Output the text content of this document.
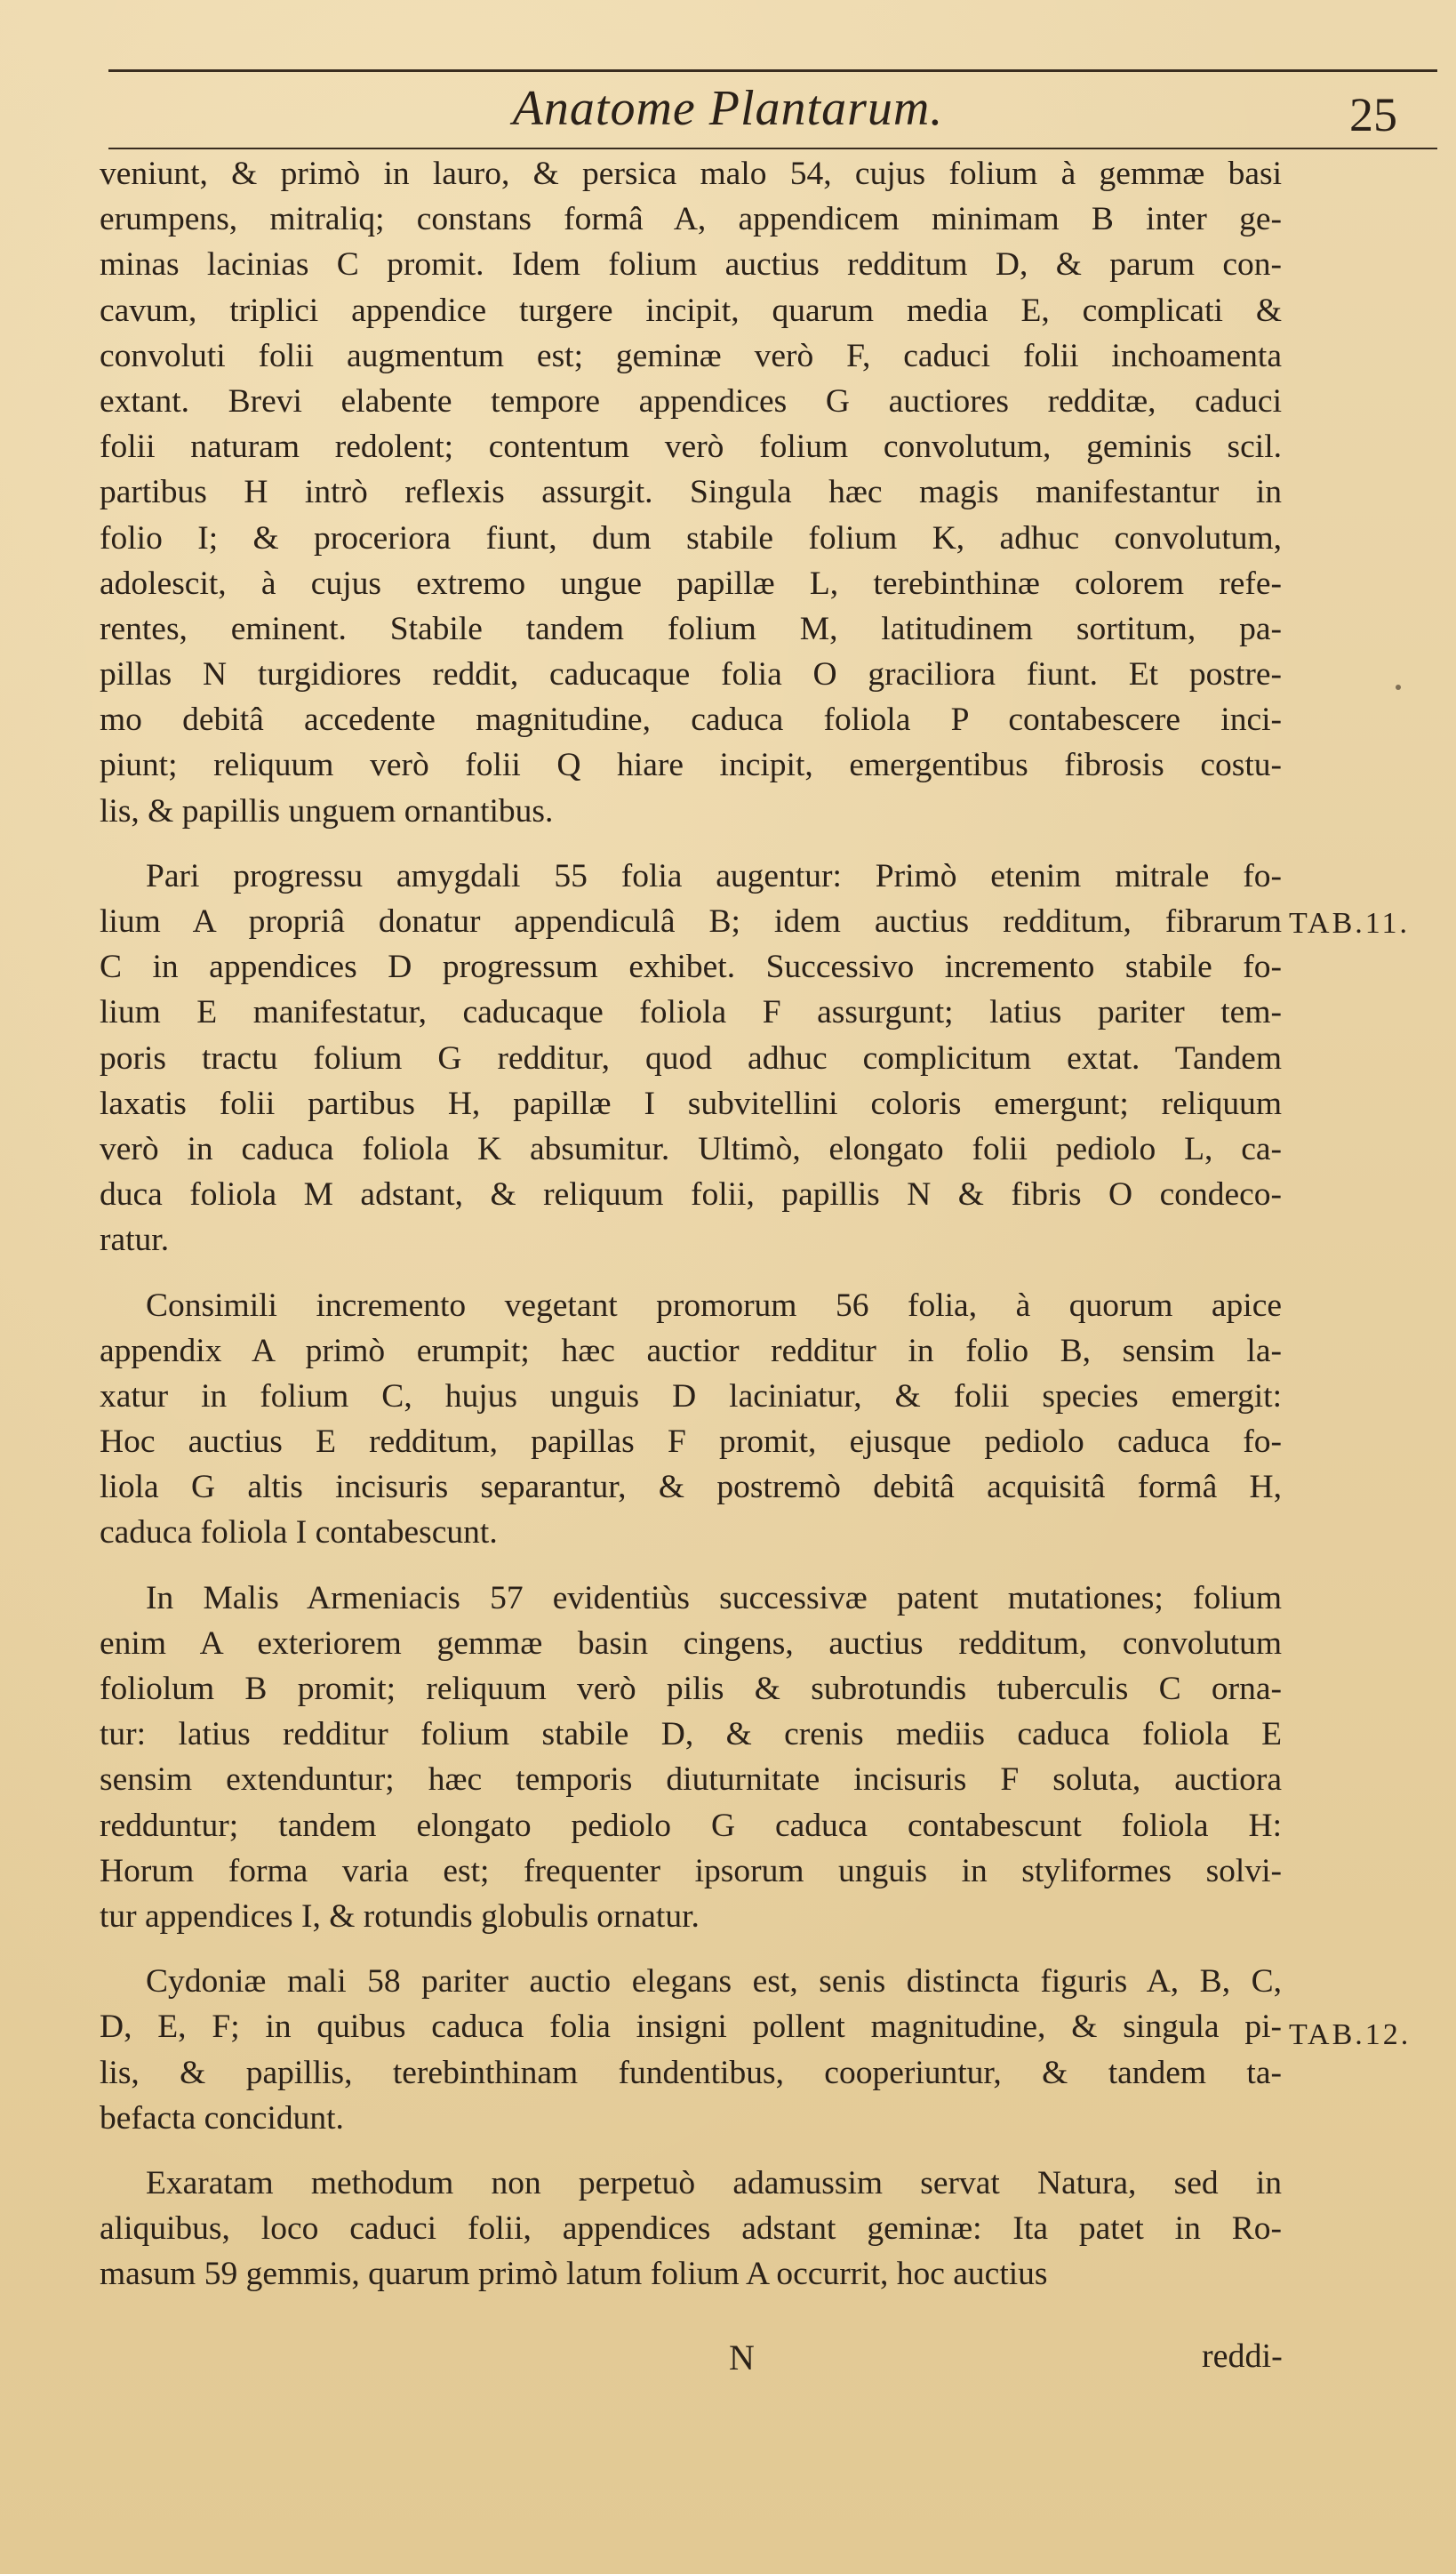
Anatome Plantarum.	25
veniunt, & primò in lauro, & persica malo 54, cujus folium à gemmæ basi
erumpens, mitraliq; constans formâ A, appendicem minimam B inter ge-
minas lacinias C promit. Idem folium auctius redditum D, & parum con-
cavum, triplici appendice turgere incipit, quarum media E, complicati &
convoluti folii augmentum est; geminæ verò F, caduci folii inchoamenta
extant. Brevi elabente tempore appendices G auctiores redditæ, caduci
folii naturam redolent; contentum verò folium convolutum, geminis scil.
partibus H intrò reflexis assurgit. Singula hæc magis manifestantur in
folio I; & proceriora fiunt, dum stabile folium K, adhuc convolutum,
adolescit, à cujus extremo ungue papillæ L, terebinthinæ colorem refe-
rentes, eminent. Stabile tandem folium M, latitudinem sortitum, pa-
pillas N turgidiores reddit, caducaque folia O graciliora fiunt. Et postre-
mo debitâ accedente magnitudine, caduca foliola P contabescere inci-
piunt; reliquum verò folii Q hiare incipit, emergentibus fibrosis costu-
lis, & papillis unguem ornantibus.
Pari progressu amygdali 55 folia augentur: Primò etenim mitrale fo-
lium A propriâ donatur appendiculâ B; idem auctius redditum, fibrarum
C in appendices D progressum exhibet. Successivo incremento stabile fo-
lium E manifestatur, caducaque foliola F assurgunt; latius pariter tem-
poris tractu folium G redditur, quod adhuc complicitum extat. Tandem
laxatis folii partibus H, papillæ I subvitellini coloris emergunt; reliquum
verò in caduca foliola K absumitur. Ultimò, elongato folii pediolo L, ca-
duca foliola M adstant, & reliquum folii, papillis N & fibris O condeco-
ratur.
Consimili incremento vegetant promorum 56 folia, à quorum apice
appendix A primò erumpit; hæc auctior redditur in folio B, sensim la-
xatur in folium C, hujus unguis D laciniatur, & folii species emergit:
Hoc auctius E redditum, papillas F promit, ejusque pediolo caduca fo-
liola G altis incisuris separantur, & postremò debitâ acquisitâ formâ H,
caduca foliola I contabescunt.
In Malis Armeniacis 57 evidentiùs successivæ patent mutationes; folium
enim A exteriorem gemmæ basin cingens, auctius redditum, convolutum
foliolum B promit; reliquum verò pilis & subrotundis tuberculis C orna-
tur: latius redditur folium stabile D, & crenis mediis caduca foliola E
sensim extenduntur; hæc temporis diuturnitate incisuris F soluta, auctiora
redduntur; tandem elongato pediolo G caduca contabescunt foliola H:
Horum forma varia est; frequenter ipsorum unguis in styliformes solvi-
tur appendices I, & rotundis globulis ornatur.
Cydoniæ mali 58 pariter auctio elegans est, senis distincta figuris A, B, C,
D, E, F; in quibus caduca folia insigni pollent magnitudine, & singula pi-
lis, & papillis, terebinthinam fundentibus, cooperiuntur, & tandem ta-
befacta concidunt.
Exaratam methodum non perpetuò adamussim servat Natura, sed in
aliquibus, loco caduci folii, appendices adstant geminæ: Ita patet in Ro-
masum 59 gemmis, quarum primò latum folium A occurrit, hoc auctius
TAB.11.
TAB.12.
N	reddi-
